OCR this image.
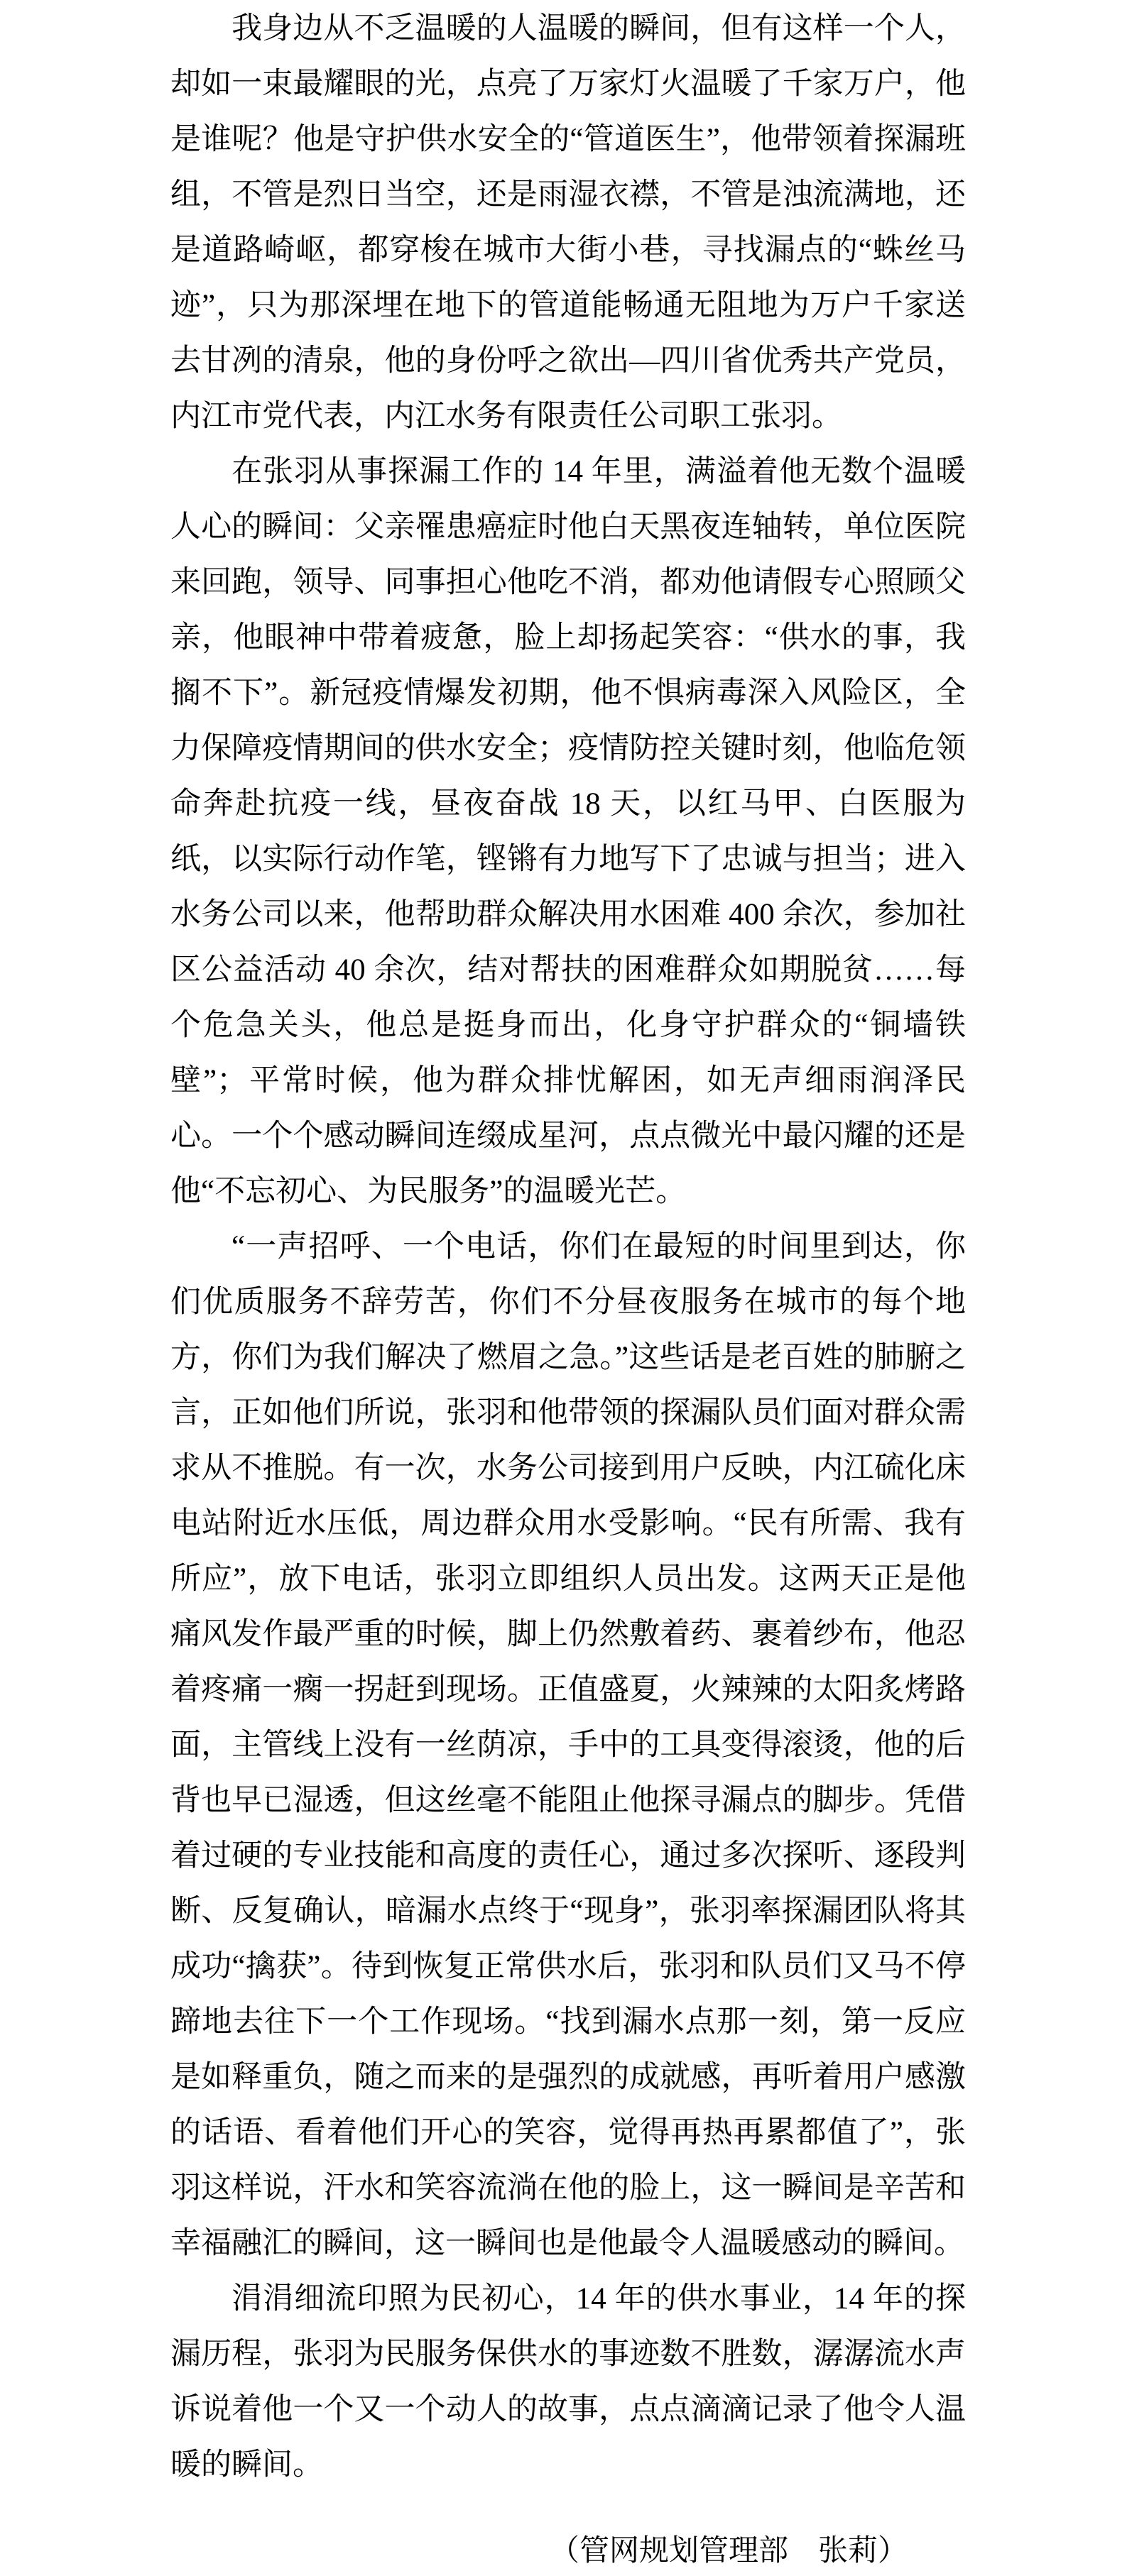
我身边从不乏温暖的人温暖的瞬间，但有这样一个人，却如一束最耀眼的光，点亮了万家灯火温暖了千家万户，他是谁呢？他是守护供水安全的“管道医生”，他带领着探漏班组，不管是烈日当空，还是雨湿衣襟，不管是浊流满地，还是道路崎岖，都穿梭在城市大街小巷，寻找漏点的“蛛丝马迹”，只为那深埋在地下的管道能畅通无阻地为万户千家送去甘冽的清泉，他的身份呼之欲出—四川省优秀共产党员，内江市党代表，内江水务有限责任公司职工张羽。

在张羽从事探漏工作的 14 年里，满溢着他无数个温暖人心的瞬间：父亲罹患癌症时他白天黑夜连轴转，单位医院来回跑，领导、同事担心他吃不消，都劝他请假专心照顾父亲，他眼神中带着疲惫，脸上却扬起笑容：“供水的事，我搁不下”。新冠疫情爆发初期，他不惧病毒深入风险区，全力保障疫情期间的供水安全；疫情防控关键时刻，他临危领命奔赴抗疫一线，昼夜奋战 18 天，以红马甲、白医服为纸，以实际行动作笔，铿锵有力地写下了忠诚与担当；进入水务公司以来，他帮助群众解决用水困难 400 余次，参加社区公益活动 40 余次，结对帮扶的困难群众如期脱贫……每个危急关头，他总是挺身而出，化身守护群众的“铜墙铁壁”；平常时候，他为群众排忧解困，如无声细雨润泽民心。一个个感动瞬间连缀成星河，点点微光中最闪耀的还是他“不忘初心、为民服务”的温暖光芒。

“一声招呼、一个电话，你们在最短的时间里到达，你们优质服务不辞劳苦，你们不分昼夜服务在城市的每个地方，你们为我们解决了燃眉之急。”这些话是老百姓的肺腑之言，正如他们所说，张羽和他带领的探漏队员们面对群众需求从不推脱。有一次，水务公司接到用户反映，内江硫化床电站附近水压低，周边群众用水受影响。“民有所需、我有所应”，放下电话，张羽立即组织人员出发。这两天正是他痛风发作最严重的时候，脚上仍然敷着药、裹着纱布，他忍着疼痛一瘸一拐赶到现场。正值盛夏，火辣辣的太阳炙烤路面，主管线上没有一丝荫凉，手中的工具变得滚烫，他的后背也早已湿透，但这丝毫不能阻止他探寻漏点的脚步。凭借着过硬的专业技能和高度的责任心，通过多次探听、逐段判断、反复确认，暗漏水点终于“现身”，张羽率探漏团队将其成功“擒获”。待到恢复正常供水后，张羽和队员们又马不停蹄地去往下一个工作现场。“找到漏水点那一刻，第一反应是如释重负，随之而来的是强烈的成就感，再听着用户感激的话语、看着他们开心的笑容，觉得再热再累都值了”，张羽这样说，汗水和笑容流淌在他的脸上，这一瞬间是辛苦和幸福融汇的瞬间，这一瞬间也是他最令人温暖感动的瞬间。

涓涓细流印照为民初心，14 年的供水事业，14 年的探漏历程，张羽为民服务保供水的事迹数不胜数，潺潺流水声诉说着他一个又一个动人的故事，点点滴滴记录了他令人温暖的瞬间。

（管网规划管理部　张莉）
